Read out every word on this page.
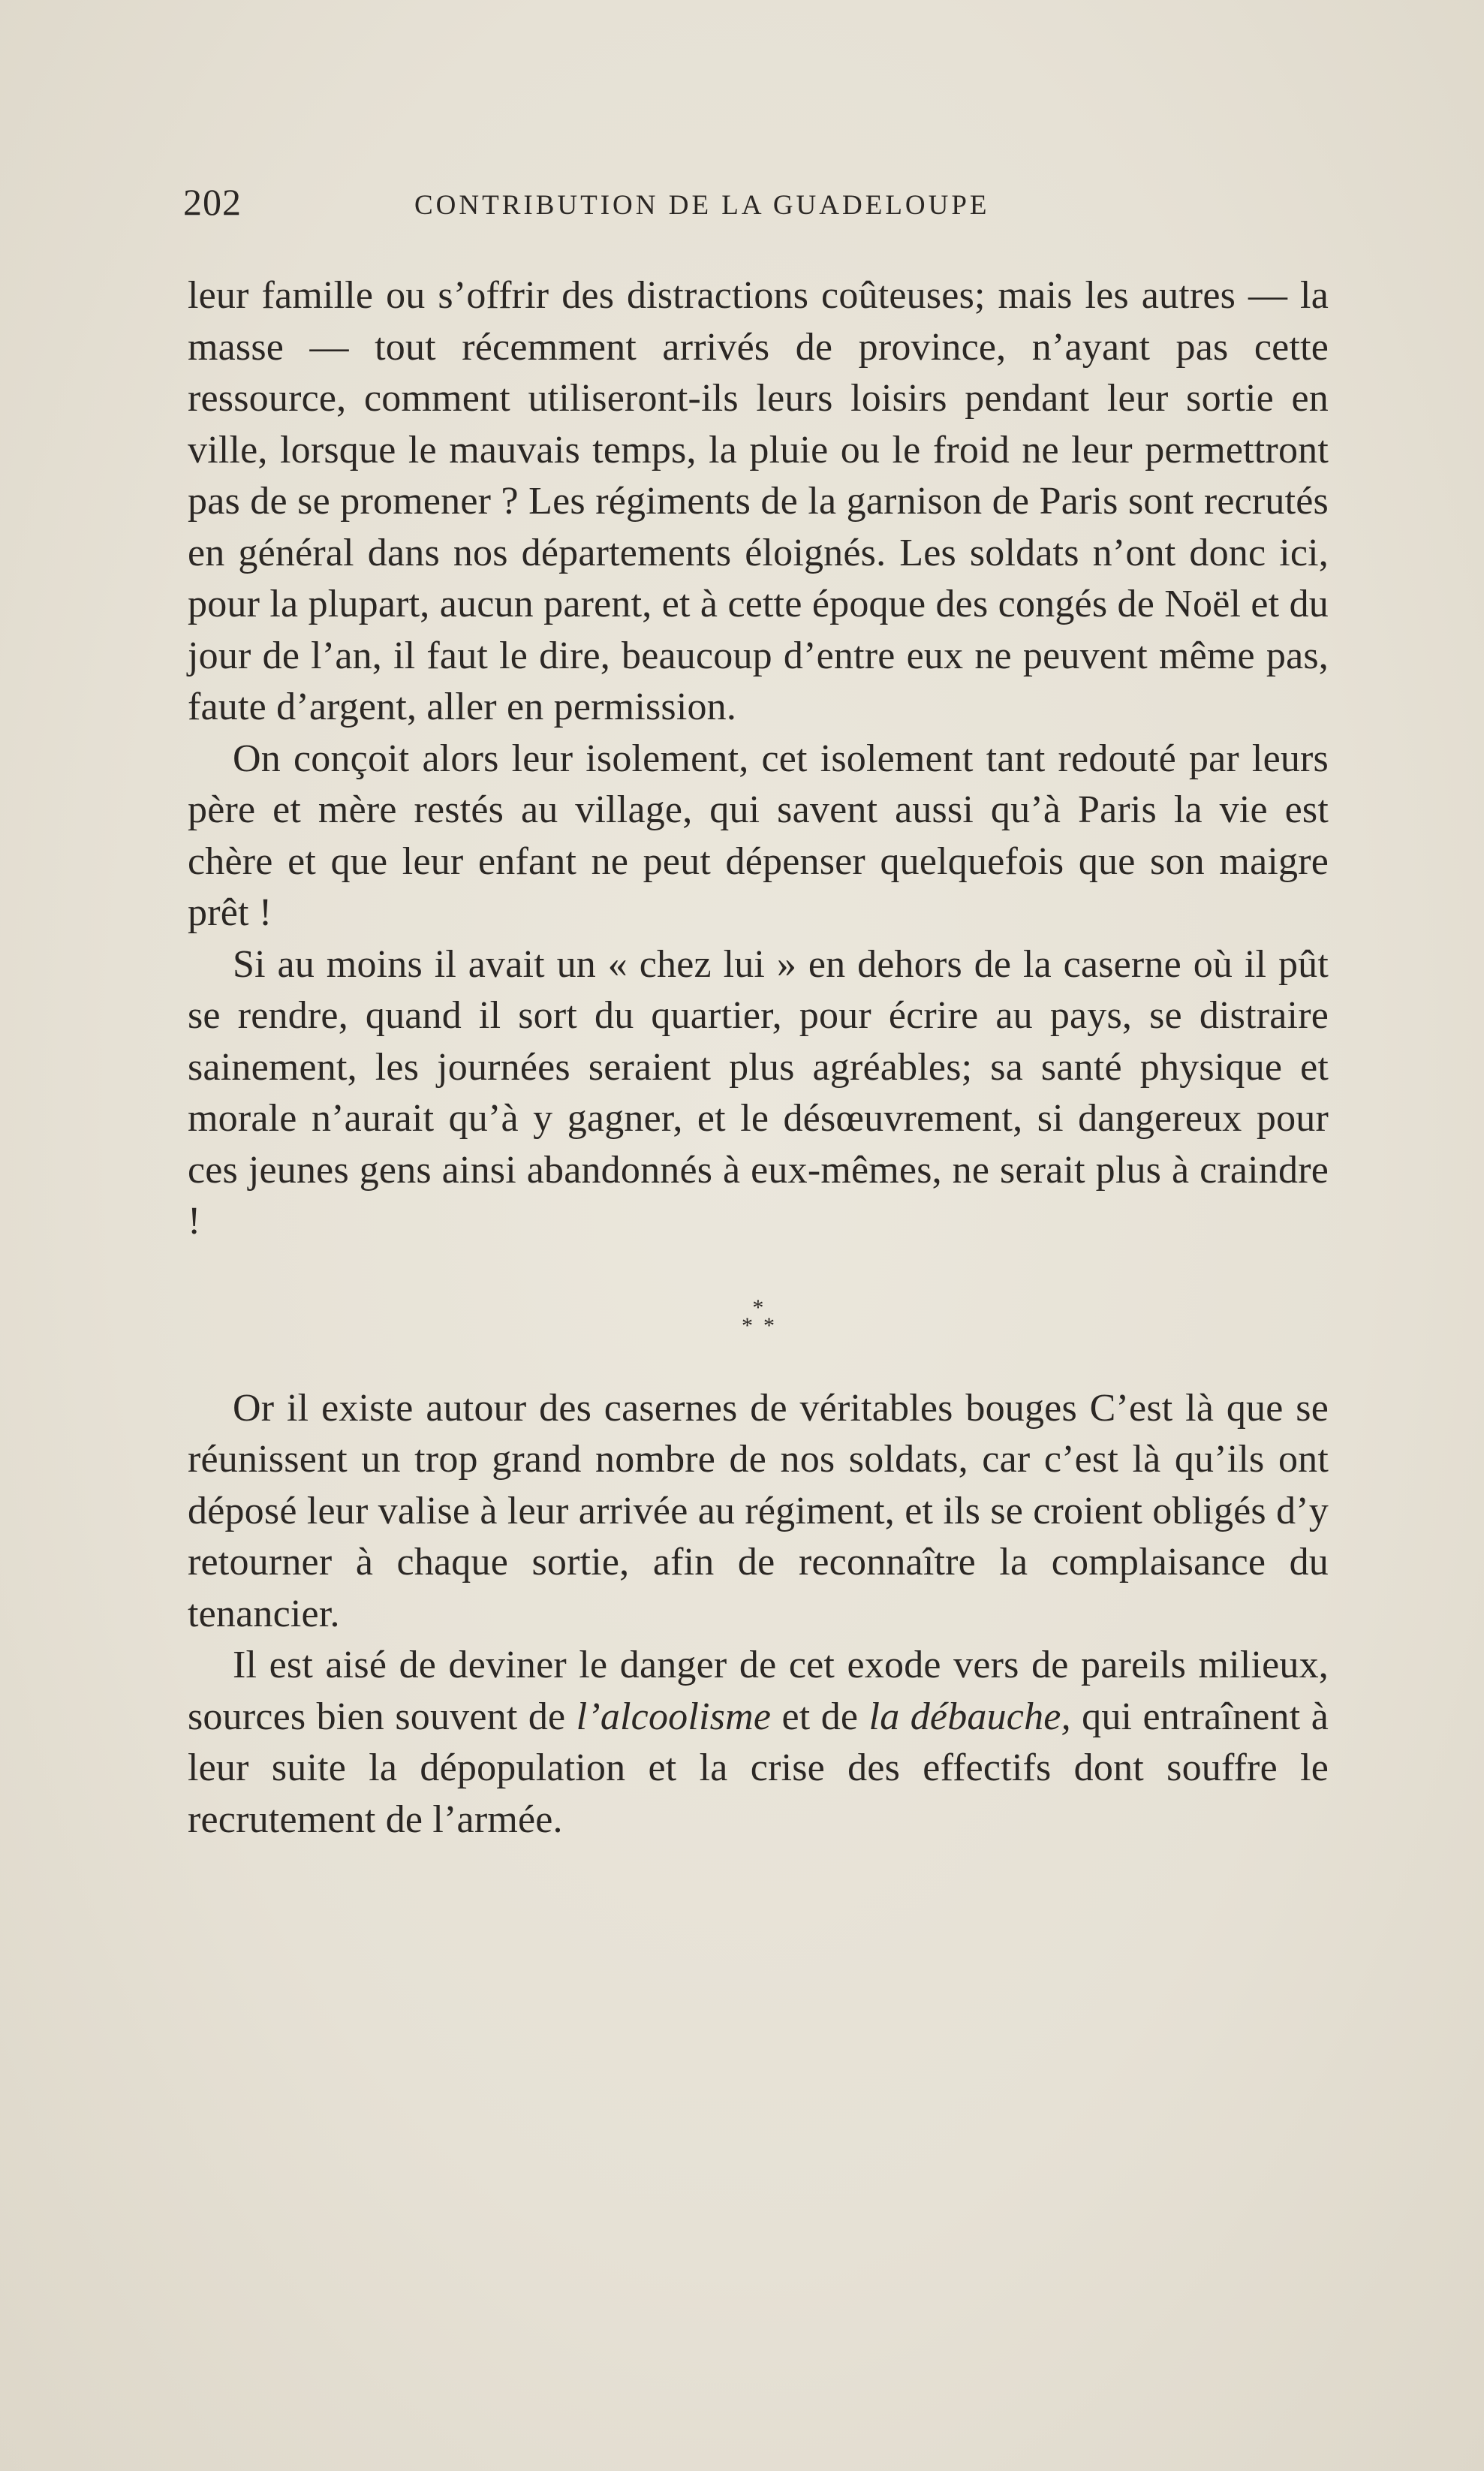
202	CONTRIBUTION DE LA GUADELOUPE

leur famille ou s’offrir des distractions coûteuses; mais les autres — la masse — tout récemment arrivés de province, n’ayant pas cette ressource, comment utiliseront-ils leurs loisirs pendant leur sortie en ville, lorsque le mauvais temps, la pluie ou le froid ne leur permettront pas de se promener ? Les régiments de la garnison de Paris sont recrutés en général dans nos départements éloignés. Les soldats n’ont donc ici, pour la plupart, aucun parent, et à cette époque des congés de Noël et du jour de l’an, il faut le dire, beaucoup d’entre eux ne peuvent même pas, faute d’argent, aller en permission.

On conçoit alors leur isolement, cet isolement tant redouté par leurs père et mère restés au village, qui savent aussi qu’à Paris la vie est chère et que leur enfant ne peut dépenser quelquefois que son maigre prêt !

Si au moins il avait un « chez lui » en dehors de la caserne où il pût se rendre, quand il sort du quartier, pour écrire au pays, se distraire sainement, les journées seraient plus agréables; sa santé physique et morale n’aurait qu’à y gagner, et le désœuvrement, si dangereux pour ces jeunes gens ainsi abandonnés à eux-mêmes, ne serait plus à craindre !

*
**

Or il existe autour des casernes de véritables bouges C’est là que se réunissent un trop grand nombre de nos soldats, car c’est là qu’ils ont déposé leur valise à leur arrivée au régiment, et ils se croient obligés d’y retourner à chaque sortie, afin de reconnaître la complaisance du tenancier.

Il est aisé de deviner le danger de cet exode vers de pareils milieux, sources bien souvent de l’alcoolisme et de la débauche, qui entraînent à leur suite la dépopulation et la crise des effectifs dont souffre le recrutement de l’armée.
